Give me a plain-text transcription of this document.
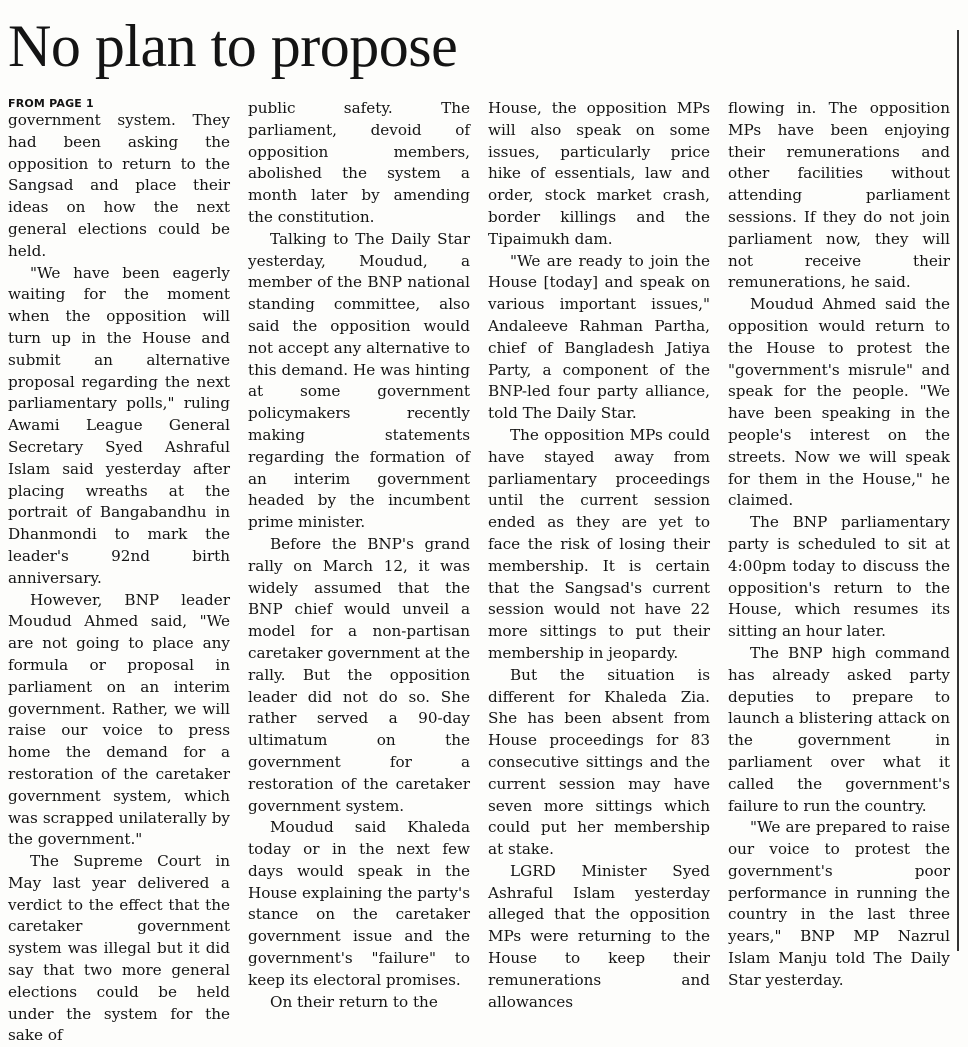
No plan to propose
FROM PAGE 1

government system. They had been asking the opposition to return to the Sangsad and place their ideas on how the next general elections could be held.

"We have been eagerly waiting for the moment when the opposition will turn up in the House and submit an alternative proposal regarding the next parliamentary polls," ruling Awami League General Secretary Syed Ashraful Islam said yesterday after placing wreaths at the portrait of Bangabandhu in Dhanmondi to mark the leader's 92nd birth anniversary.

However, BNP leader Moudud Ahmed said, "We are not going to place any formula or proposal in parliament on an interim government. Rather, we will raise our voice to press home the demand for a restoration of the caretaker government system, which was scrapped unilaterally by the government."

The Supreme Court in May last year delivered a verdict to the effect that the caretaker government system was illegal but it did say that two more general elections could be held under the system for the sake of

public safety. The parliament, devoid of opposition members, abolished the system a month later by amending the constitution.

Talking to The Daily Star yesterday, Moudud, a member of the BNP national standing committee, also said the opposition would not accept any alternative to this demand. He was hinting at some government policymakers recently making statements regarding the formation of an interim government headed by the incumbent prime minister.

Before the BNP's grand rally on March 12, it was widely assumed that the BNP chief would unveil a model for a non-partisan caretaker government at the rally. But the opposition leader did not do so. She rather served a 90-day ultimatum on the government for a restoration of the caretaker government system.

Moudud said Khaleda today or in the next few days would speak in the House explaining the party's stance on the caretaker government issue and the government's "failure" to keep its electoral promises.

On their return to the

House, the opposition MPs will also speak on some issues, particularly price hike of essentials, law and order, stock market crash, border killings and the Tipaimukh dam.

"We are ready to join the House [today] and speak on various important issues," Andaleeve Rahman Partha, chief of Bangladesh Jatiya Party, a component of the BNP-led four party alliance, told The Daily Star.

The opposition MPs could have stayed away from parliamentary proceedings until the current session ended as they are yet to face the risk of losing their membership. It is certain that the Sangsad's current session would not have 22 more sittings to put their membership in jeopardy.

But the situation is different for Khaleda Zia. She has been absent from House proceedings for 83 consecutive sittings and the current session may have seven more sittings which could put her membership at stake.

LGRD Minister Syed Ashraful Islam yesterday alleged that the opposition MPs were returning to the House to keep their remunerations and allowances

flowing in. The opposition MPs have been enjoying their remunerations and other facilities without attending parliament sessions. If they do not join parliament now, they will not receive their remunerations, he said.

Moudud Ahmed said the opposition would return to the House to protest the "government's misrule" and speak for the people. "We have been speaking in the people's interest on the streets. Now we will speak for them in the House," he claimed.

The BNP parliamentary party is scheduled to sit at 4:00pm today to discuss the opposition's return to the House, which resumes its sitting an hour later.

The BNP high command has already asked party deputies to prepare to launch a blistering attack on the government in parliament over what it called the government's failure to run the country.

"We are prepared to raise our voice to protest the government's poor performance in running the country in the last three years," BNP MP Nazrul Islam Manju told The Daily Star yesterday.
